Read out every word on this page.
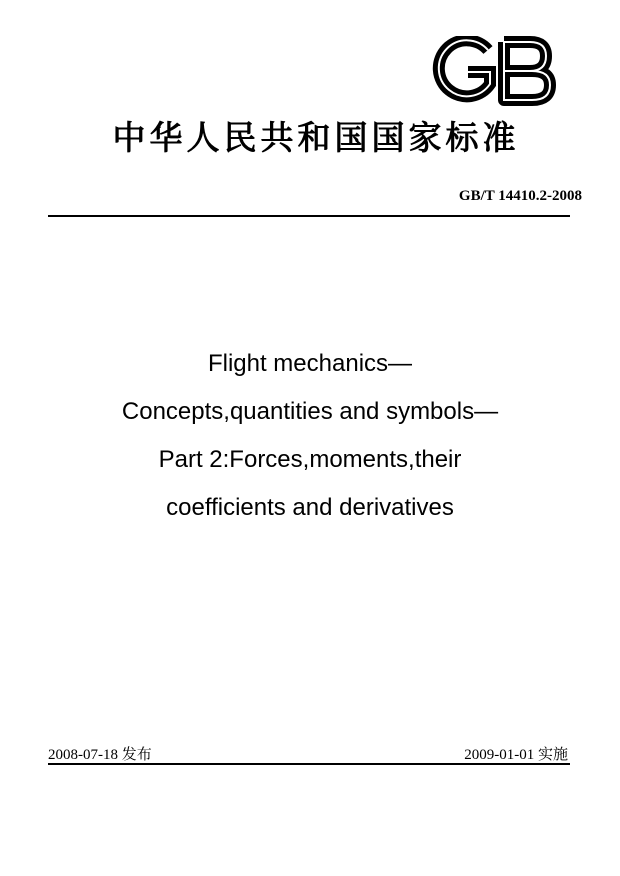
中华人民共和国国家标准
GB/T 14410.2-2008
Flight mechanics—
Concepts,quantities and symbols—
Part 2:Forces,moments,their
coefficients and derivatives
2008-07-18 发布	2009-01-01 实施
